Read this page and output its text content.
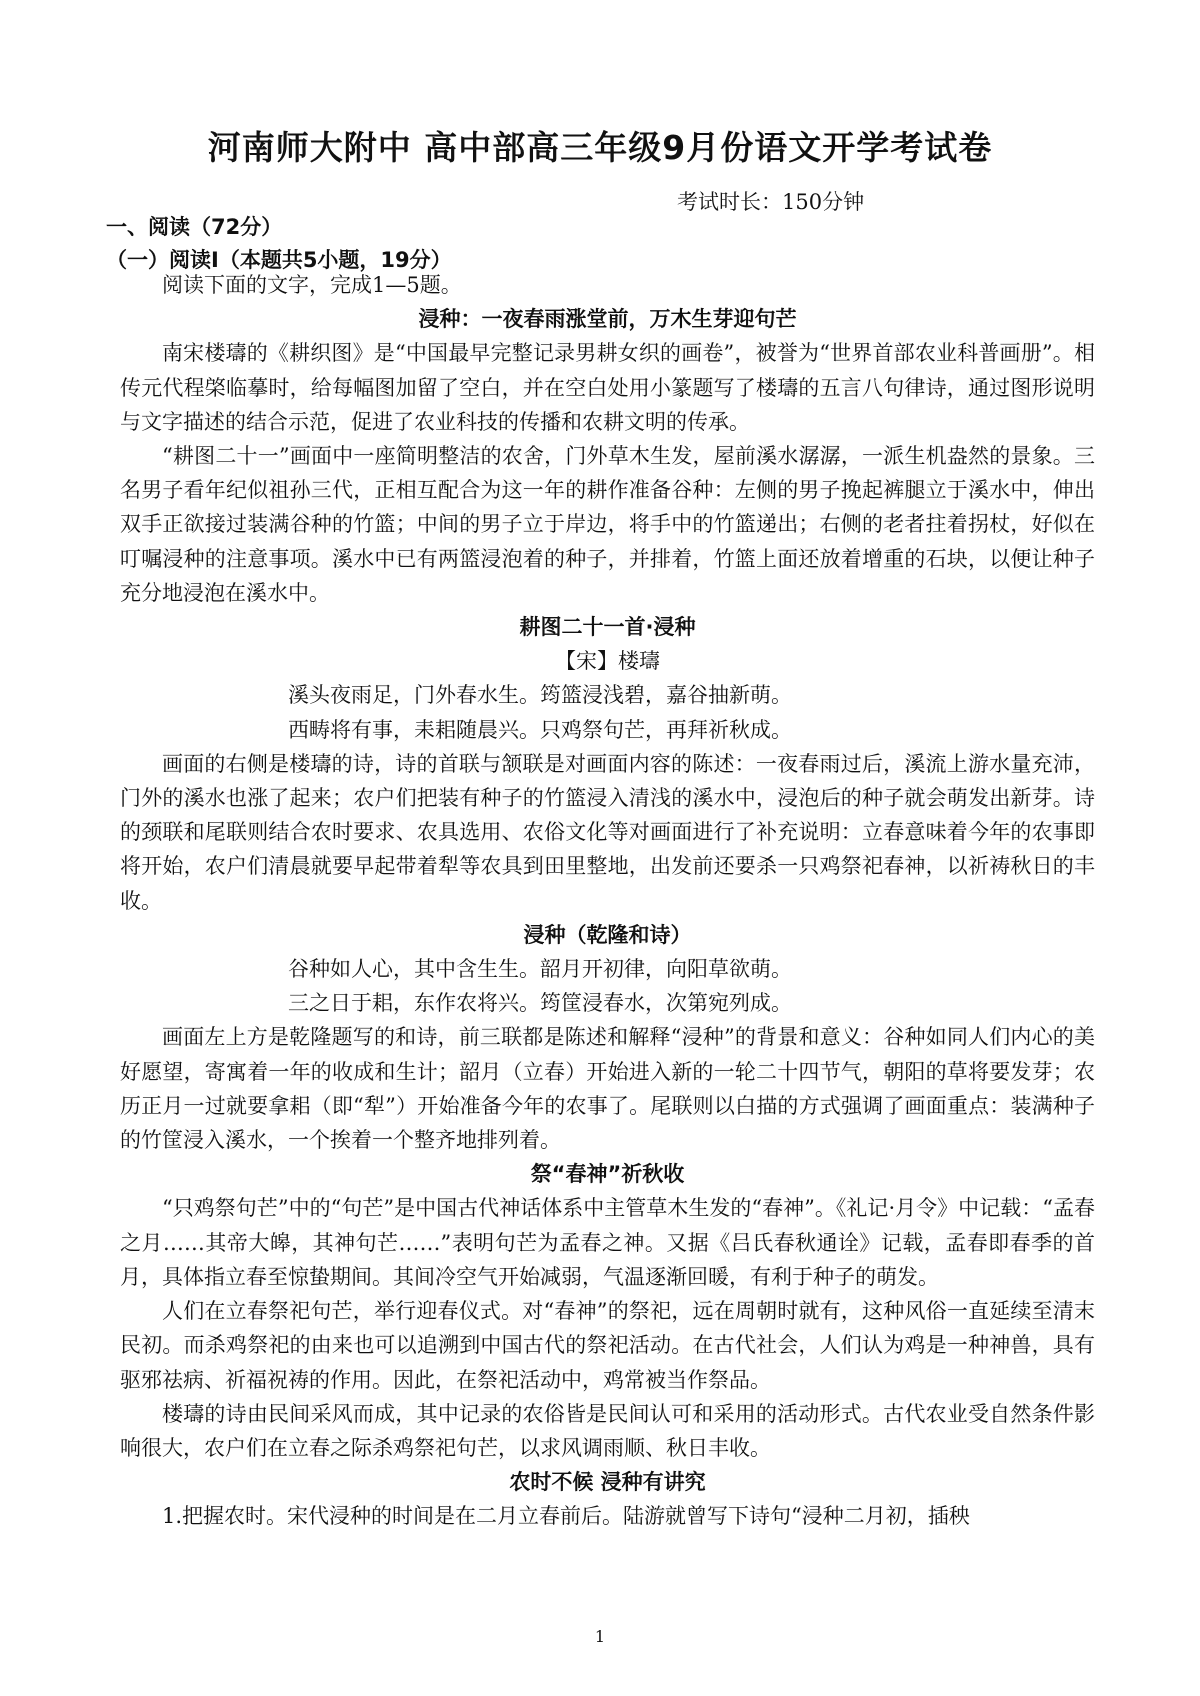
河南师大附中 高中部高三年级9月份语文开学考试卷
考试时长：150分钟
一、阅读（72分）
（一）阅读Ⅰ（本题共5小题，19分）

阅读下面的文字，完成1—5题。

浸种：一夜春雨涨堂前，万木生芽迎句芒

南宋楼璹的《耕织图》是“中国最早完整记录男耕女织的画卷”，被誉为“世界首部农业科普画册”。相传元代程棨临摹时，给每幅图加留了空白，并在空白处用小篆题写了楼璹的五言八句律诗，通过图形说明与文字描述的结合示范，促进了农业科技的传播和农耕文明的传承。

“耕图二十一”画面中一座简明整洁的农舍，门外草木生发，屋前溪水潺潺，一派生机盎然的景象。三名男子看年纪似祖孙三代，正相互配合为这一年的耕作准备谷种：左侧的男子挽起裤腿立于溪水中，伸出双手正欲接过装满谷种的竹篮；中间的男子立于岸边，将手中的竹篮递出；右侧的老者拄着拐杖，好似在叮嘱浸种的注意事项。溪水中已有两篮浸泡着的种子，并排着，竹篮上面还放着增重的石块，以便让种子充分地浸泡在溪水中。

耕图二十一首·浸种

【宋】楼璹

溪头夜雨足，门外春水生。筠篮浸浅碧，嘉谷抽新萌。

西畴将有事，耒耜随晨兴。只鸡祭句芒，再拜祈秋成。

画面的右侧是楼璹的诗，诗的首联与颔联是对画面内容的陈述：一夜春雨过后，溪流上游水量充沛，门外的溪水也涨了起来；农户们把装有种子的竹篮浸入清浅的溪水中，浸泡后的种子就会萌发出新芽。诗的颈联和尾联则结合农时要求、农具选用、农俗文化等对画面进行了补充说明：立春意味着今年的农事即将开始，农户们清晨就要早起带着犁等农具到田里整地，出发前还要杀一只鸡祭祀春神，以祈祷秋日的丰收。

浸种（乾隆和诗）

谷种如人心，其中含生生。韶月开初律，向阳草欲萌。

三之日于耜，东作农将兴。筠筐浸春水，次第宛列成。

画面左上方是乾隆题写的和诗，前三联都是陈述和解释“浸种”的背景和意义：谷种如同人们内心的美好愿望，寄寓着一年的收成和生计；韶月（立春）开始进入新的一轮二十四节气，朝阳的草将要发芽；农历正月一过就要拿耜（即“犁”）开始准备今年的农事了。尾联则以白描的方式强调了画面重点：装满种子的竹筐浸入溪水，一个挨着一个整齐地排列着。

祭“春神”祈秋收

“只鸡祭句芒”中的“句芒”是中国古代神话体系中主管草木生发的“春神”。《礼记·月令》中记载：“孟春之月……其帝大皞，其神句芒……”表明句芒为孟春之神。又据《吕氏春秋通诠》记载，孟春即春季的首月，具体指立春至惊蛰期间。其间冷空气开始减弱，气温逐渐回暖，有利于种子的萌发。

人们在立春祭祀句芒，举行迎春仪式。对“春神”的祭祀，远在周朝时就有，这种风俗一直延续至清末民初。而杀鸡祭祀的由来也可以追溯到中国古代的祭祀活动。在古代社会，人们认为鸡是一种神兽，具有驱邪祛病、祈福祝祷的作用。因此，在祭祀活动中，鸡常被当作祭品。

楼璹的诗由民间采风而成，其中记录的农俗皆是民间认可和采用的活动形式。古代农业受自然条件影响很大，农户们在立春之际杀鸡祭祀句芒，以求风调雨顺、秋日丰收。

农时不候 浸种有讲究

1.把握农时。宋代浸种的时间是在二月立春前后。陆游就曾写下诗句“浸种二月初，插秧

1
